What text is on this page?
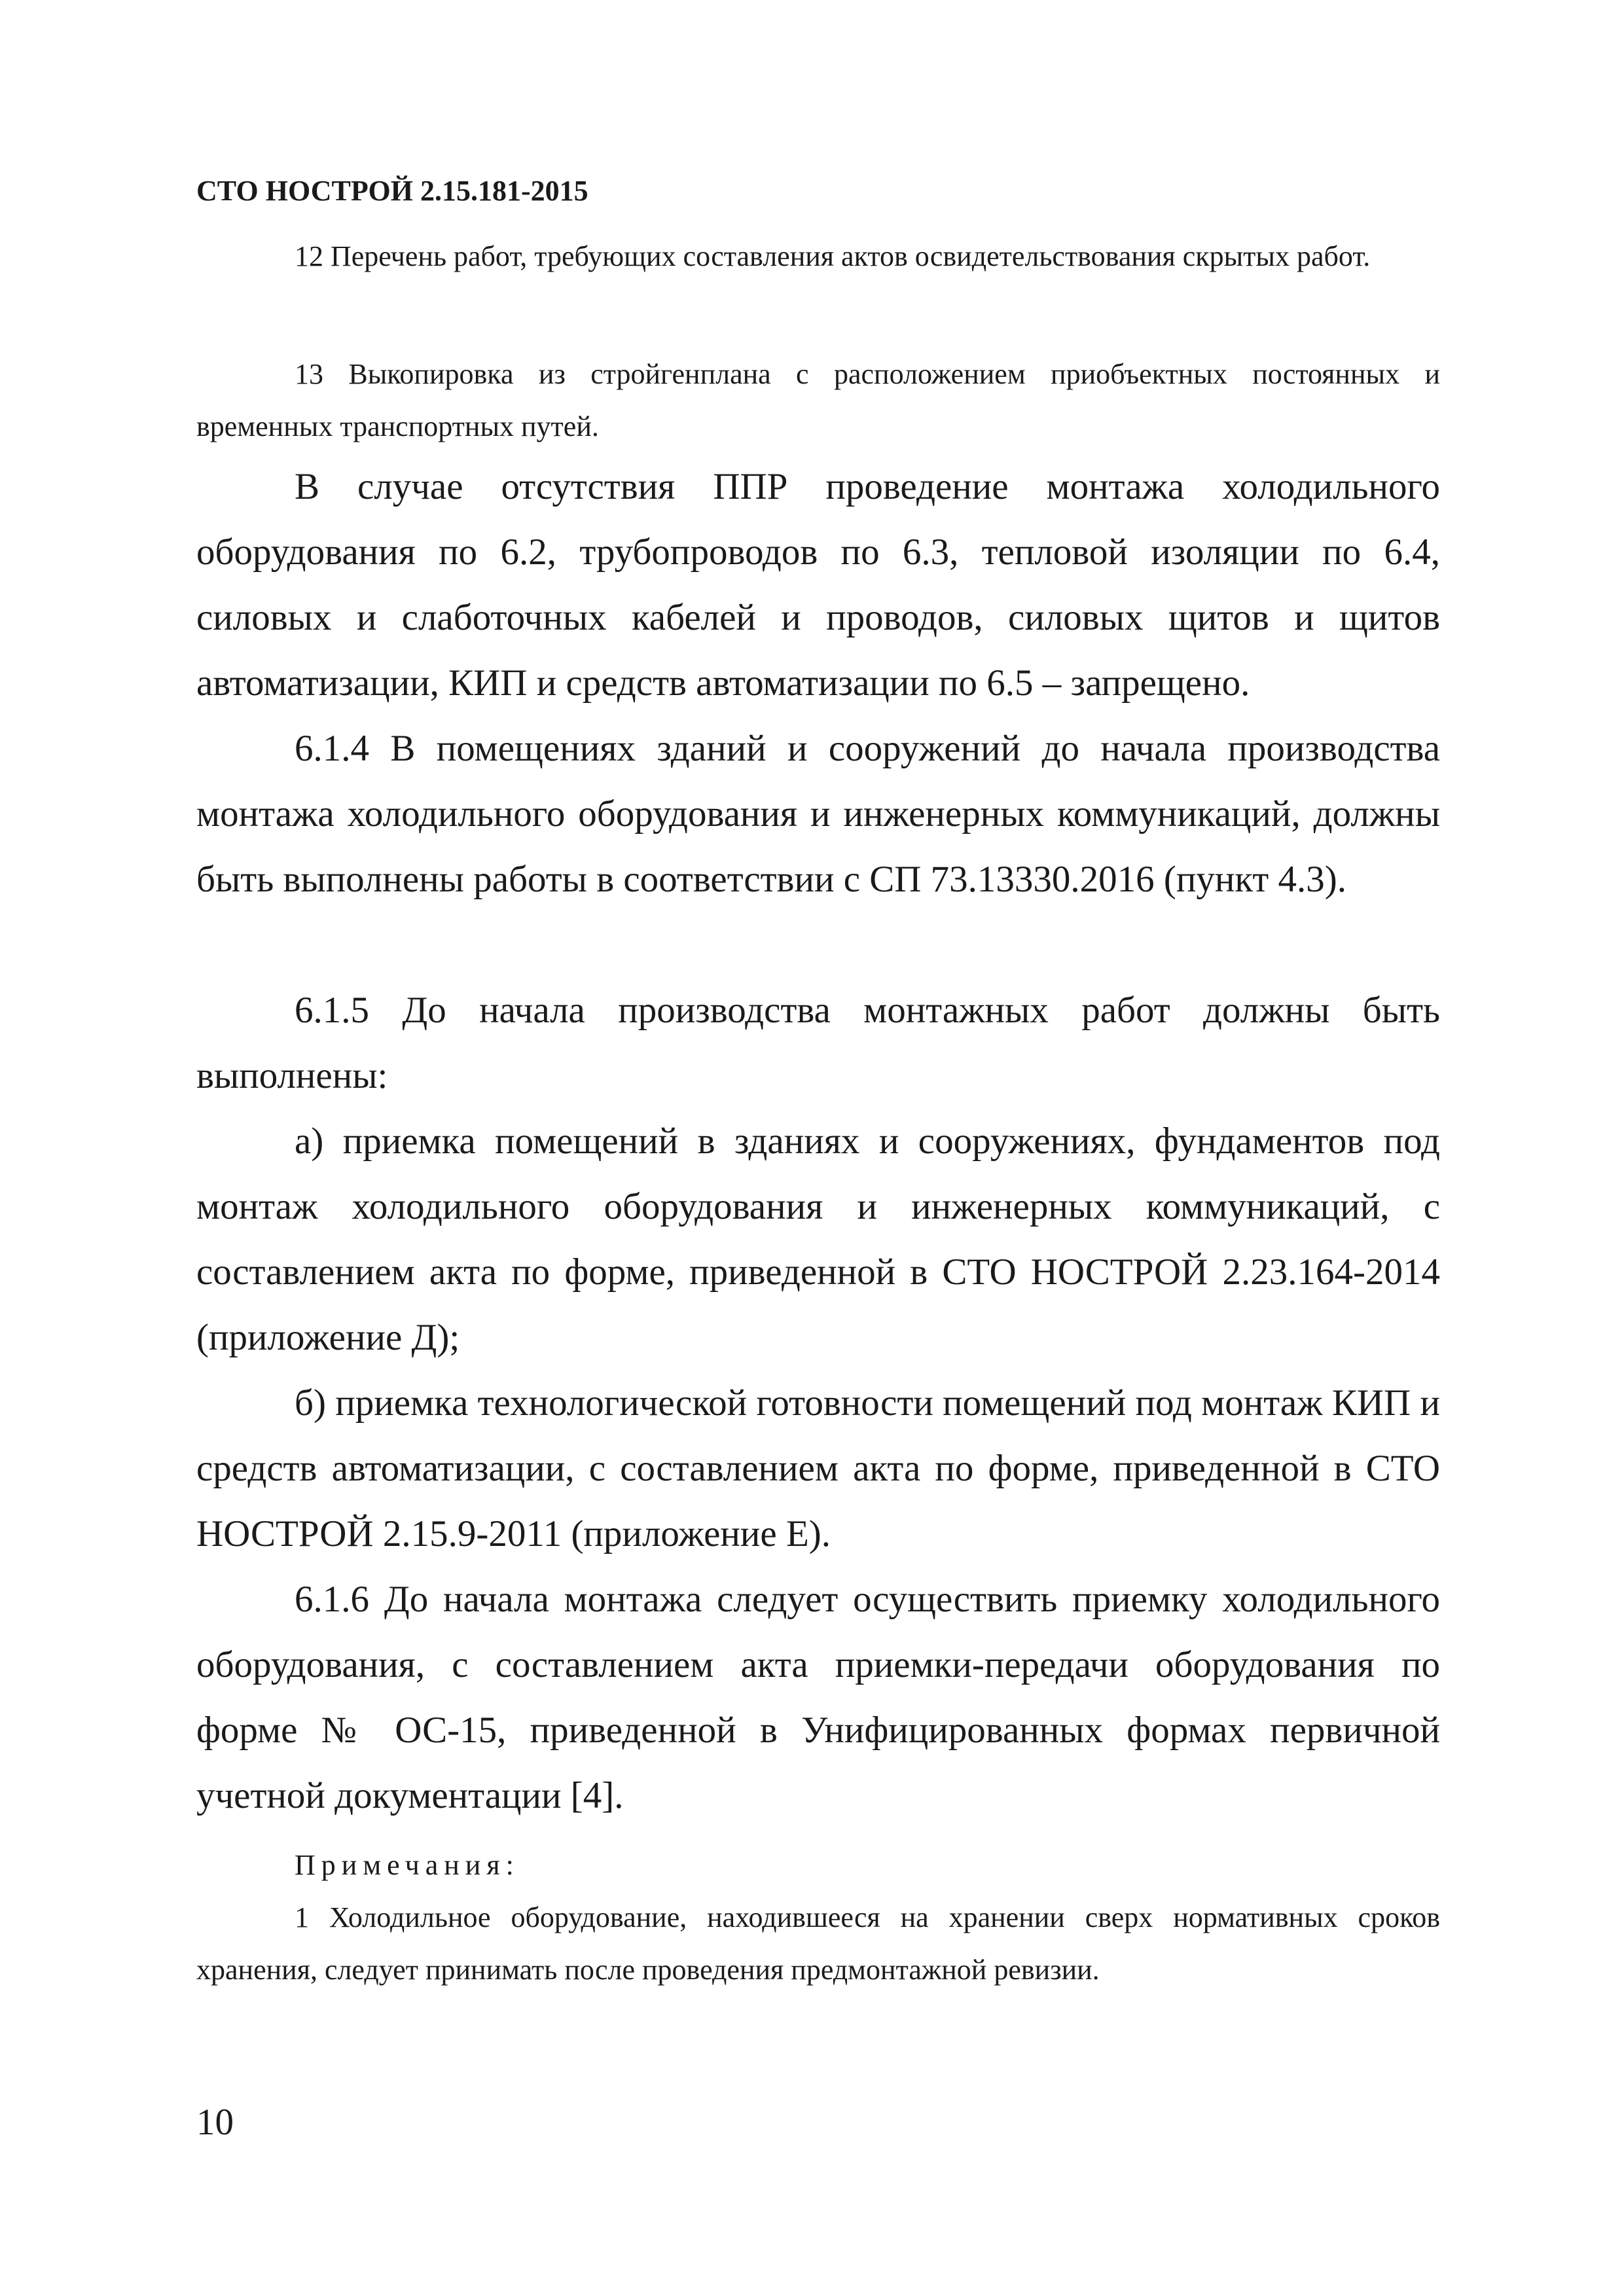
СТО НОСТРОЙ 2.15.181-2015

12 Перечень работ, требующих составления актов освидетельствования скрытых работ.

13 Выкопировка из стройгенплана с расположением приобъектных постоянных и временных транспортных путей.

В случае отсутствия ППР проведение монтажа холодильного оборудования по 6.2, трубопроводов по 6.3, тепловой изоляции по 6.4, силовых и слаботочных кабелей и проводов, силовых щитов и щитов автоматизации, КИП и средств автоматизации по 6.5 – запрещено.

6.1.4 В помещениях зданий и сооружений до начала производства монтажа холодильного оборудования и инженерных коммуникаций, должны быть выполнены работы в соответствии с СП 73.13330.2016 (пункт 4.3).

6.1.5 До начала производства монтажных работ должны быть выполнены:

а) приемка помещений в зданиях и сооружениях, фундаментов под монтаж холодильного оборудования и инженерных коммуникаций, с составлением акта по форме, приведенной в СТО НОСТРОЙ 2.23.164-2014 (приложение Д);

б) приемка технологической готовности помещений под монтаж КИП и средств автоматизации, с составлением акта по форме, приведенной в СТО НОСТРОЙ 2.15.9-2011 (приложение Е).

6.1.6 До начала монтажа следует осуществить приемку холодильного оборудования, с составлением акта приемки-передачи оборудования по форме № ОС-15, приведенной в Унифицированных формах первичной учетной документации [4].

Примечания:

1 Холодильное оборудование, находившееся на хранении сверх нормативных сроков хранения, следует принимать после проведения предмонтажной ревизии.

10
